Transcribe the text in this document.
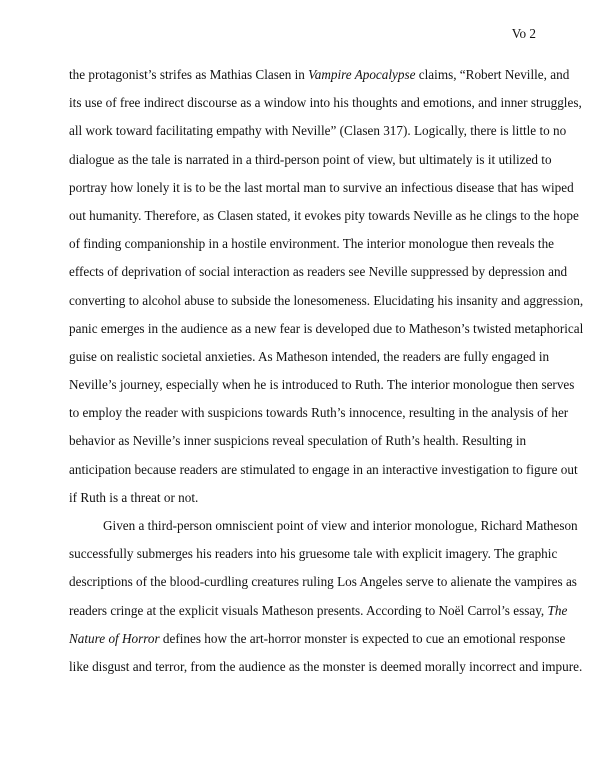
Vo 2
the protagonist’s strifes as Mathias Clasen in Vampire Apocalypse claims, “Robert Neville, and
its use of free indirect discourse as a window into his thoughts and emotions, and inner struggles,
all work toward facilitating empathy with Neville” (Clasen 317). Logically, there is little to no
dialogue as the tale is narrated in a third-person point of view, but ultimately is it utilized to
portray how lonely it is to be the last mortal man to survive an infectious disease that has wiped
out humanity. Therefore, as Clasen stated, it evokes pity towards Neville as he clings to the hope
of finding companionship in a hostile environment. The interior monologue then reveals the
effects of deprivation of social interaction as readers see Neville suppressed by depression and
converting to alcohol abuse to subside the lonesomeness. Elucidating his insanity and aggression,
panic emerges in the audience as a new fear is developed due to Matheson’s twisted metaphorical
guise on realistic societal anxieties. As Matheson intended, the readers are fully engaged in
Neville’s journey, especially when he is introduced to Ruth. The interior monologue then serves
to employ the reader with suspicions towards Ruth’s innocence, resulting in the analysis of her
behavior as Neville’s inner suspicions reveal speculation of Ruth’s health. Resulting in
anticipation because readers are stimulated to engage in an interactive investigation to figure out
if Ruth is a threat or not.
Given a third-person omniscient point of view and interior monologue, Richard Matheson
successfully submerges his readers into his gruesome tale with explicit imagery. The graphic
descriptions of the blood-curdling creatures ruling Los Angeles serve to alienate the vampires as
readers cringe at the explicit visuals Matheson presents. According to Noël Carrol’s essay, The
Nature of Horror defines how the art-horror monster is expected to cue an emotional response
like disgust and terror, from the audience as the monster is deemed morally incorrect and impure.
